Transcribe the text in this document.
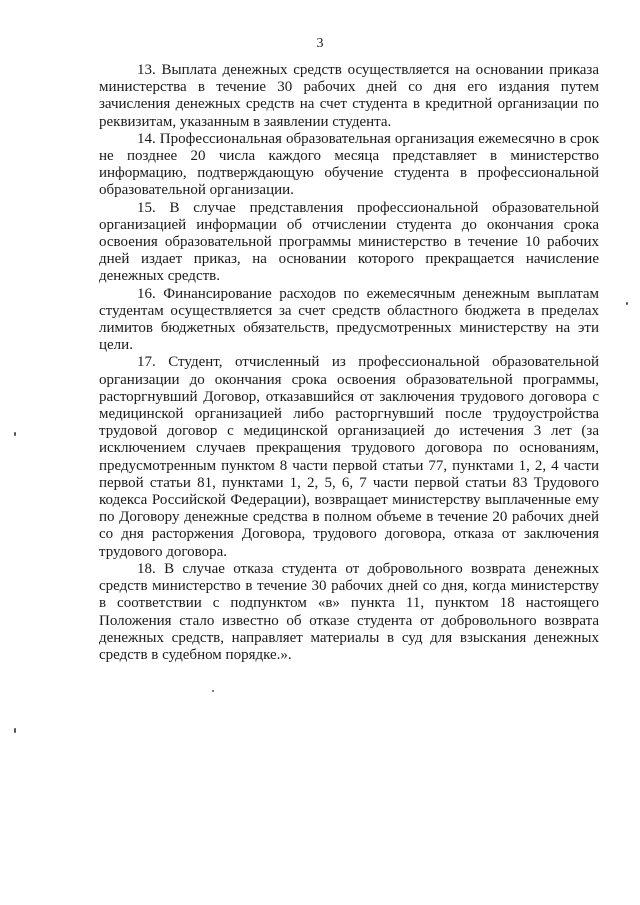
3

13. Выплата денежных средств осуществляется на основании приказа министерства в течение 30 рабочих дней со дня его издания путем зачисления денежных средств на счет студента в кредитной организации по реквизитам, указанным в заявлении студента.

14. Профессиональная образовательная организация ежемесячно в срок не позднее 20 числа каждого месяца представляет в министерство информацию, подтверждающую обучение студента в профессиональной образовательной организации.

15. В случае представления профессиональной образовательной организацией информации об отчислении студента до окончания срока освоения образовательной программы министерство в течение 10 рабочих дней издает приказ, на основании которого прекращается начисление денежных средств.

16. Финансирование расходов по ежемесячным денежным выплатам студентам осуществляется за счет средств областного бюджета в пределах лимитов бюджетных обязательств, предусмотренных министерству на эти цели.

17. Студент, отчисленный из профессиональной образовательной организации до окончания срока освоения образовательной программы, расторгнувший Договор, отказавшийся от заключения трудового договора с медицинской организацией либо расторгнувший после трудоустройства трудовой договор с медицинской организацией до истечения 3 лет (за исключением случаев прекращения трудового договора по основаниям, предусмотренным пунктом 8 части первой статьи 77, пунктами 1, 2, 4 части первой статьи 81, пунктами 1, 2, 5, 6, 7 части первой статьи 83 Трудового кодекса Российской Федерации), возвращает министерству выплаченные ему по Договору денежные средства в полном объеме в течение 20 рабочих дней со дня расторжения Договора, трудового договора, отказа от заключения трудового договора.

18. В случае отказа студента от добровольного возврата денежных средств министерство в течение 30 рабочих дней со дня, когда министерству в соответствии с подпунктом «в» пункта 11, пунктом 18 настоящего Положения стало известно об отказе студента от добровольного возврата денежных средств, направляет материалы в суд для взыскания денежных средств в судебном порядке.».
